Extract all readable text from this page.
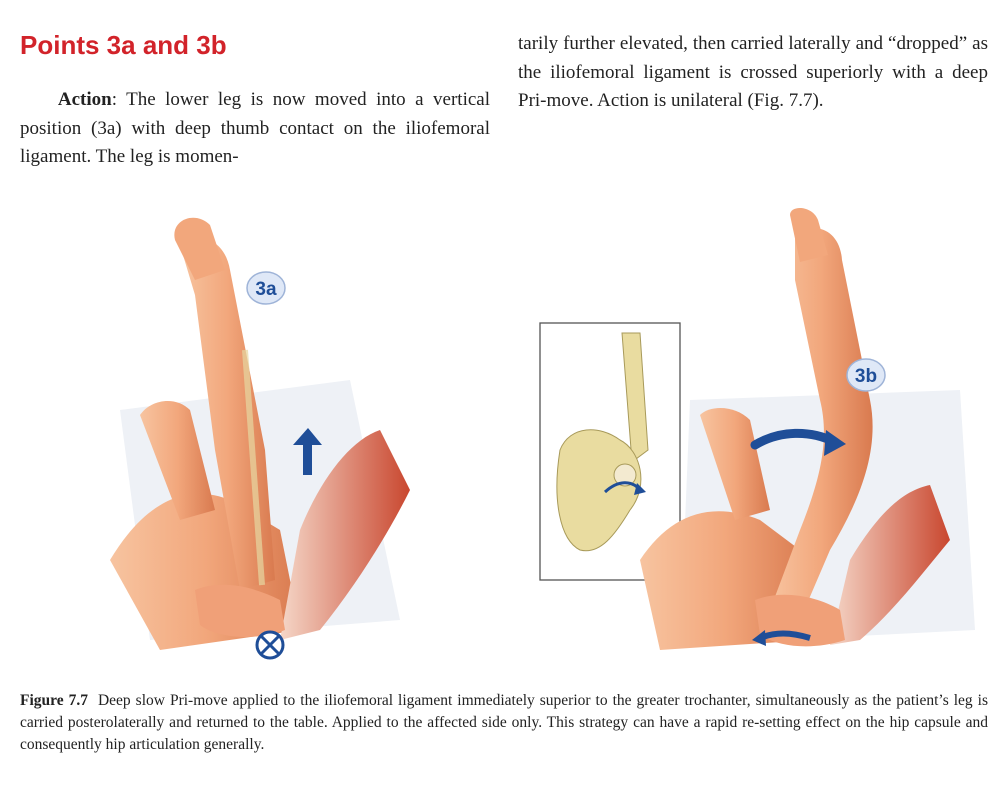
Points 3a and 3b

Action: The lower leg is now moved into a vertical position (3a) with deep thumb contact on the iliofemoral ligament. The leg is momen-

tarily further elevated, then carried laterally and “dropped” as the iliofemoral ligament is crossed superiorly with a deep Pri-move. Action is unilateral (Fig. 7.7).

3a
3b
Figure 7.7 Deep slow Pri-move applied to the iliofemoral ligament immediately superior to the greater trochanter, simultaneously as the patient’s leg is carried posterolaterally and returned to the table. Applied to the affected side only. This strategy can have a rapid re-setting effect on the hip capsule and consequently hip articulation generally.
